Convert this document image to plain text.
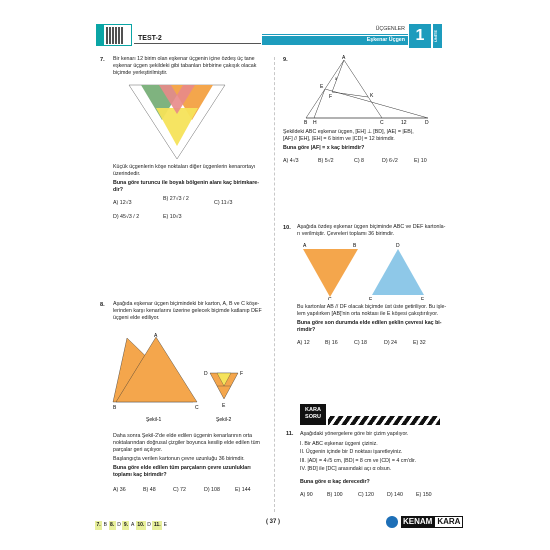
TEST-2
ÜÇGENLER
Eşkenar Üçgen 1	ÜNİTE
7. Bir kenarı 12 birim olan eşkenar üçgenin içine özdeş üç tane
eşkenar üçgen şekildeki gibi tabanları birbirine çakışık olacak
biçimde yerleştirilmiştir.
Küçük üçgenlerin köşe noktaları diğer üçgenlerin kenarortayı
üzerindedir.
Buna göre turuncu ile boyalı bölgenin alanı kaç birimkare-
dir?
A) 12√3
B) 27√3 / 2
C) 11√3
D) 45√3 / 2	E) 10√3
8. Aşağıda eşkenar üçgen biçimindeki bir karton, A, B ve C köşe-
lerinden karşı kenarlarını üzerine gelecek biçimde katlanıp DEF
üçgeni elde ediliyor.
A
B	C
Şekil-1
D	F
E
Şekil-2
Daha sonra Şekil-2'de elde edilen üçgenin kenarlarının orta
noktalarından doğrusal çizgiler boyunca kesilip elde edilen tüm
parçalar geri açılıyor.
Başlangıçta verilen kartonun çevre uzunluğu 36 birimdir.
Buna göre elde edilen tüm parçaların çevre uzunlukları
toplamı kaç birimdir?
A) 36	B) 48	C) 72	D) 108	E) 144

9.	A
E
F
x
K
B H	C	12	D
Şekildeki ABC eşkenar üçgen, [EH] ⊥ [BD], |AE| = |EB|,
[AF] // [EH], |EH| = 6 birim ve |CD| = 12 birimdir.
Buna göre |AF| = x kaç birimdir?
A) 4√3	B) 5√2	C) 8	D) 6√2	E) 10
10. Aşağıda özdeş eşkenar üçgen biçiminde ABC ve DEF kartonla-
rı verilmiştir. Çevreleri toplamı 36 birimdir.
A	B
C
D
E	F
Bu kartonlar AB // DF olacak biçimde üst üste getiriliyor. Bu işle-
lem yapılırken [AB]'nin orta noktası ile E köşesi çakıştırılıyor.
Buna göre son durumda elde edilen şeklin çevresi kaç bi-
rimdir?
A) 12	B) 16	C) 18	D) 24	E) 32
KARA
SORU
11. Aşağıdaki yönergelere göre bir çizim yapılıyor.
I. Bir ABC eşkenar üçgeni çiziniz.
II. Üçgenin içinde bir D noktası işaretleyiniz.
III. |AD| = 4√5 cm, |BD| = 8 cm ve |CD| = 4 cm'dir.
IV. [BD] ile [DC] arasındaki açı α olsun.
Buna göre α kaç derecedir?
A) 90	B) 100	C) 120 D) 140 E) 150
7. B 8. D 9. A 10. D 11. E	( 37 )	KENAM KARA
